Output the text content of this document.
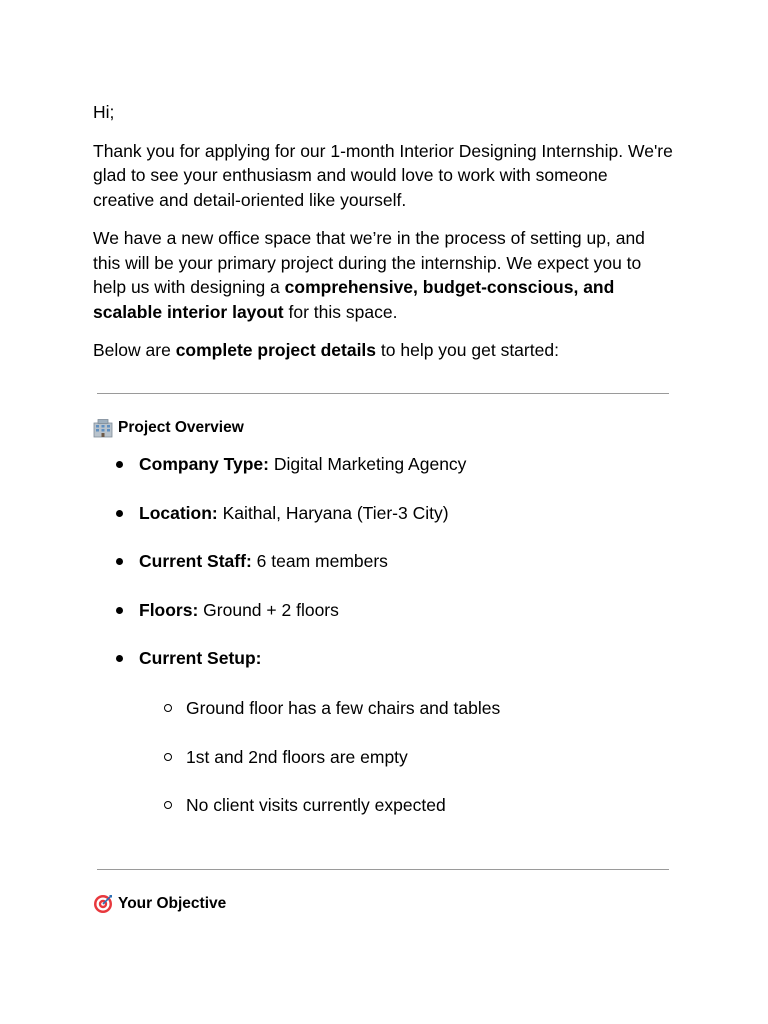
Hi;

Thank you for applying for our 1-month Interior Designing Internship. We're glad to see your enthusiasm and would love to work with someone creative and detail-oriented like yourself.

We have a new office space that we’re in the process of setting up, and this will be your primary project during the internship. We expect you to help us with designing a comprehensive, budget-conscious, and scalable interior layout for this space.

Below are complete project details to help you get started:

Project Overview
Company Type: Digital Marketing Agency
Location: Kaithal, Haryana (Tier-3 City)
Current Staff: 6 team members
Floors: Ground + 2 floors
Current Setup:
Ground floor has a few chairs and tables
1st and 2nd floors are empty
No client visits currently expected
Your Objective
